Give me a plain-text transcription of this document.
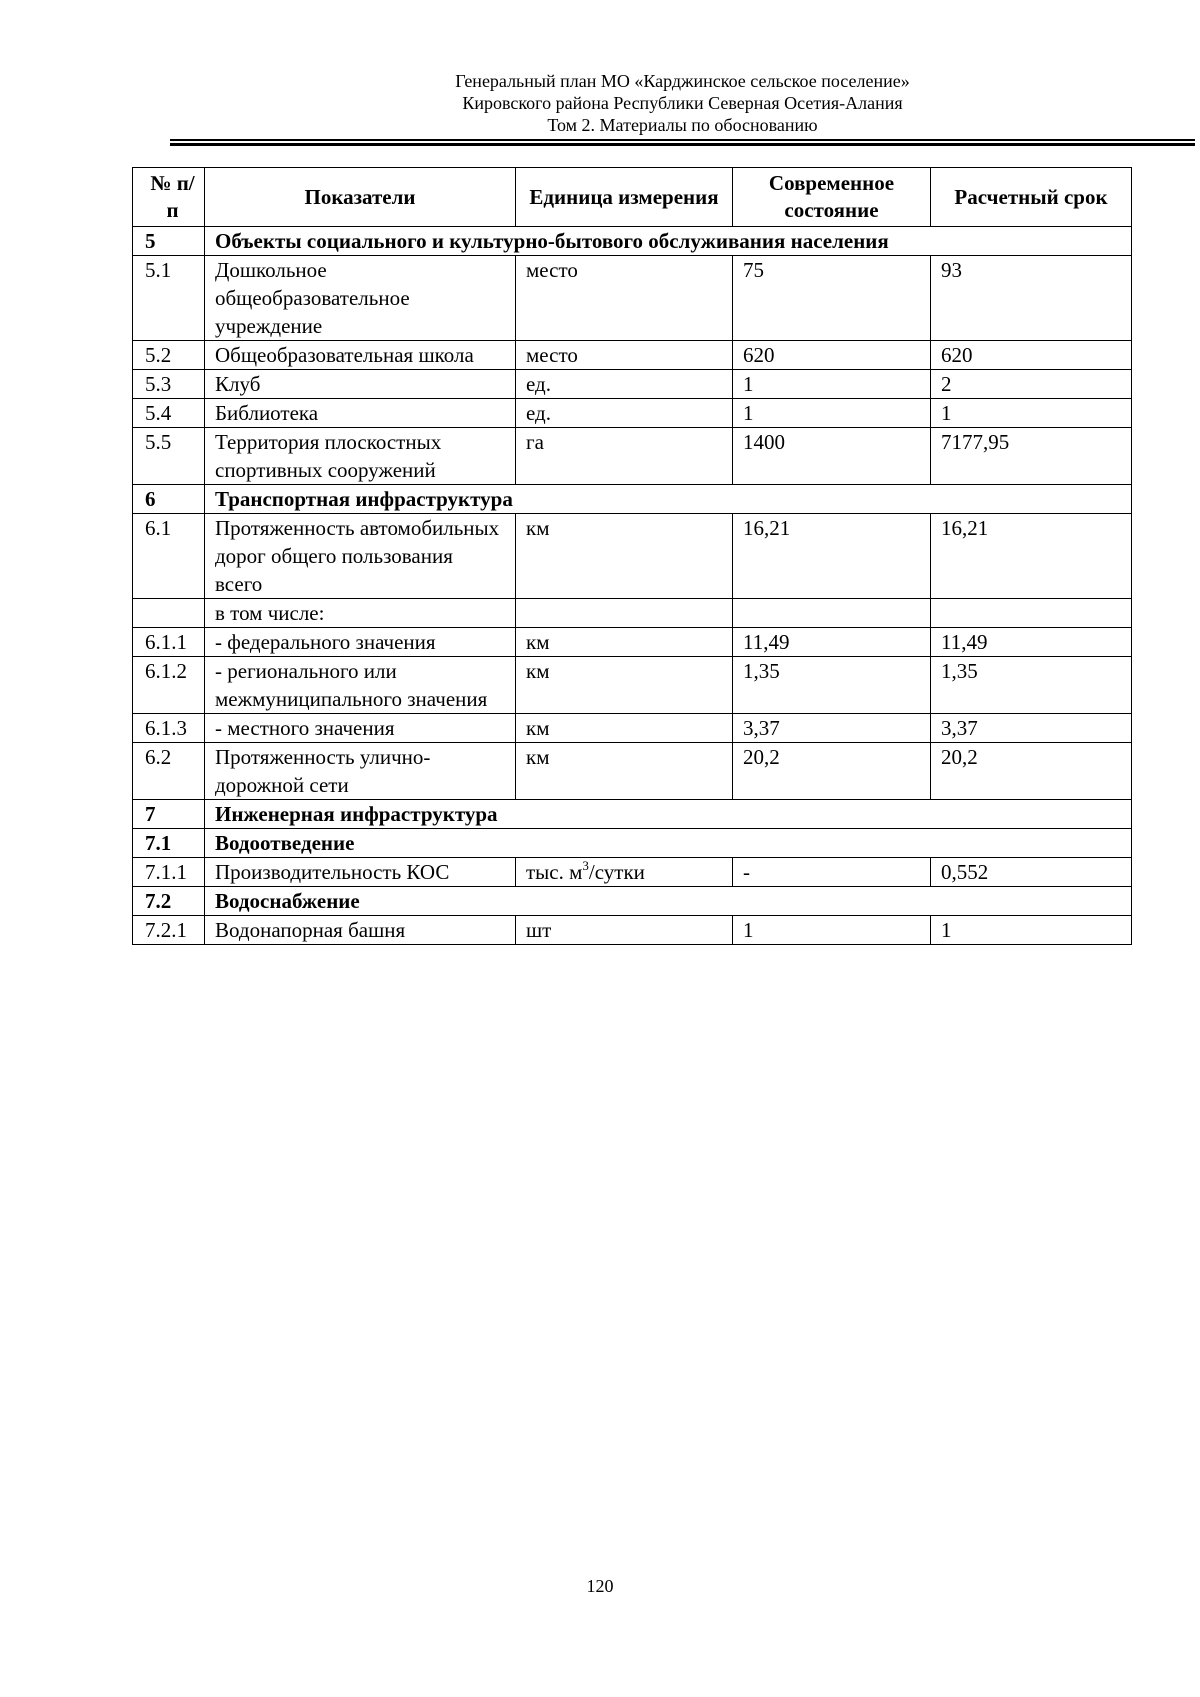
Генеральный план МО «Карджинское сельское поселение»
Кировского района Республики Северная Осетия-Алания
Том 2. Материалы по обоснованию
№ п/п	Показатели	Единица измерения	Современное состояние	Расчетный срок
5	Объекты социального и культурно-бытового обслуживания населения			
5.1	Дошкольное общеобразовательное учреждение	место	75	93
5.2	Общеобразовательная школа	место	620	620
5.3	Клуб	ед.	1	2
5.4	Библиотека	ед.	1	1
5.5	Территория плоскостных спортивных сооружений	га	1400	7177,95
6	Транспортная инфраструктура			
6.1	Протяженность автомобильных дорог общего пользования всего	км	16,21	16,21
	в том числе:			
6.1.1	- федерального значения	км	11,49	11,49
6.1.2	- регионального или межмуниципального значения	км	1,35	1,35
6.1.3	- местного значения	км	3,37	3,37
6.2	Протяженность улично-дорожной сети	км	20,2	20,2
7	Инженерная инфраструктура			
7.1	Водоотведение			
7.1.1	Производительность КОС	тыс. $м^3$/сутки	-	0,552
7.2	Водоснабжение			
7.2.1	Водонапорная башня	шт	1	1
120
